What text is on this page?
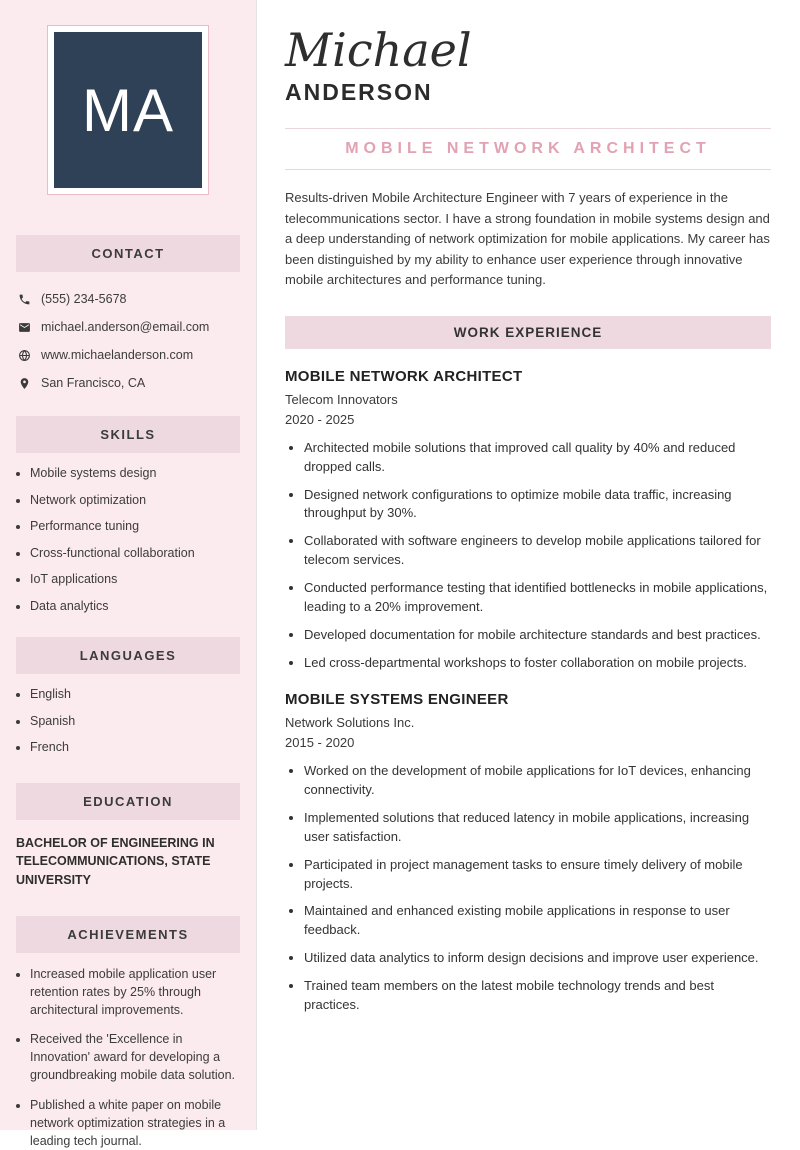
MA
CONTACT
(555) 234-5678
michael.anderson@email.com
www.michaelanderson.com
San Francisco, CA
SKILLS
• Mobile systems design
• Network optimization
• Performance tuning
• Cross-functional collaboration
• IoT applications
• Data analytics
LANGUAGES
• English
• Spanish
• French
EDUCATION
BACHELOR OF ENGINEERING IN TELECOMMUNICATIONS, STATE UNIVERSITY
ACHIEVEMENTS
• Increased mobile application user retention rates by 25% through architectural improvements.
• Received the 'Excellence in Innovation' award for developing a groundbreaking mobile data solution.
• Published a white paper on mobile network optimization strategies in a leading tech journal.
Michael
ANDERSON
MOBILE NETWORK ARCHITECT

Results-driven Mobile Architecture Engineer with 7 years of experience in the telecommunications sector. I have a strong foundation in mobile systems design and a deep understanding of network optimization for mobile applications. My career has been distinguished by my ability to enhance user experience through innovative mobile architectures and performance tuning.

WORK EXPERIENCE
MOBILE NETWORK ARCHITECT
Telecom Innovators
2020 - 2025
• Architected mobile solutions that improved call quality by 40% and reduced dropped calls.
• Designed network configurations to optimize mobile data traffic, increasing throughput by 30%.
• Collaborated with software engineers to develop mobile applications tailored for telecom services.
• Conducted performance testing that identified bottlenecks in mobile applications, leading to a 20% improvement.
• Developed documentation for mobile architecture standards and best practices.
• Led cross-departmental workshops to foster collaboration on mobile projects.
MOBILE SYSTEMS ENGINEER
Network Solutions Inc.
2015 - 2020
• Worked on the development of mobile applications for IoT devices, enhancing connectivity.
• Implemented solutions that reduced latency in mobile applications, increasing user satisfaction.
• Participated in project management tasks to ensure timely delivery of mobile projects.
• Maintained and enhanced existing mobile applications in response to user feedback.
• Utilized data analytics to inform design decisions and improve user experience.
• Trained team members on the latest mobile technology trends and best practices.
